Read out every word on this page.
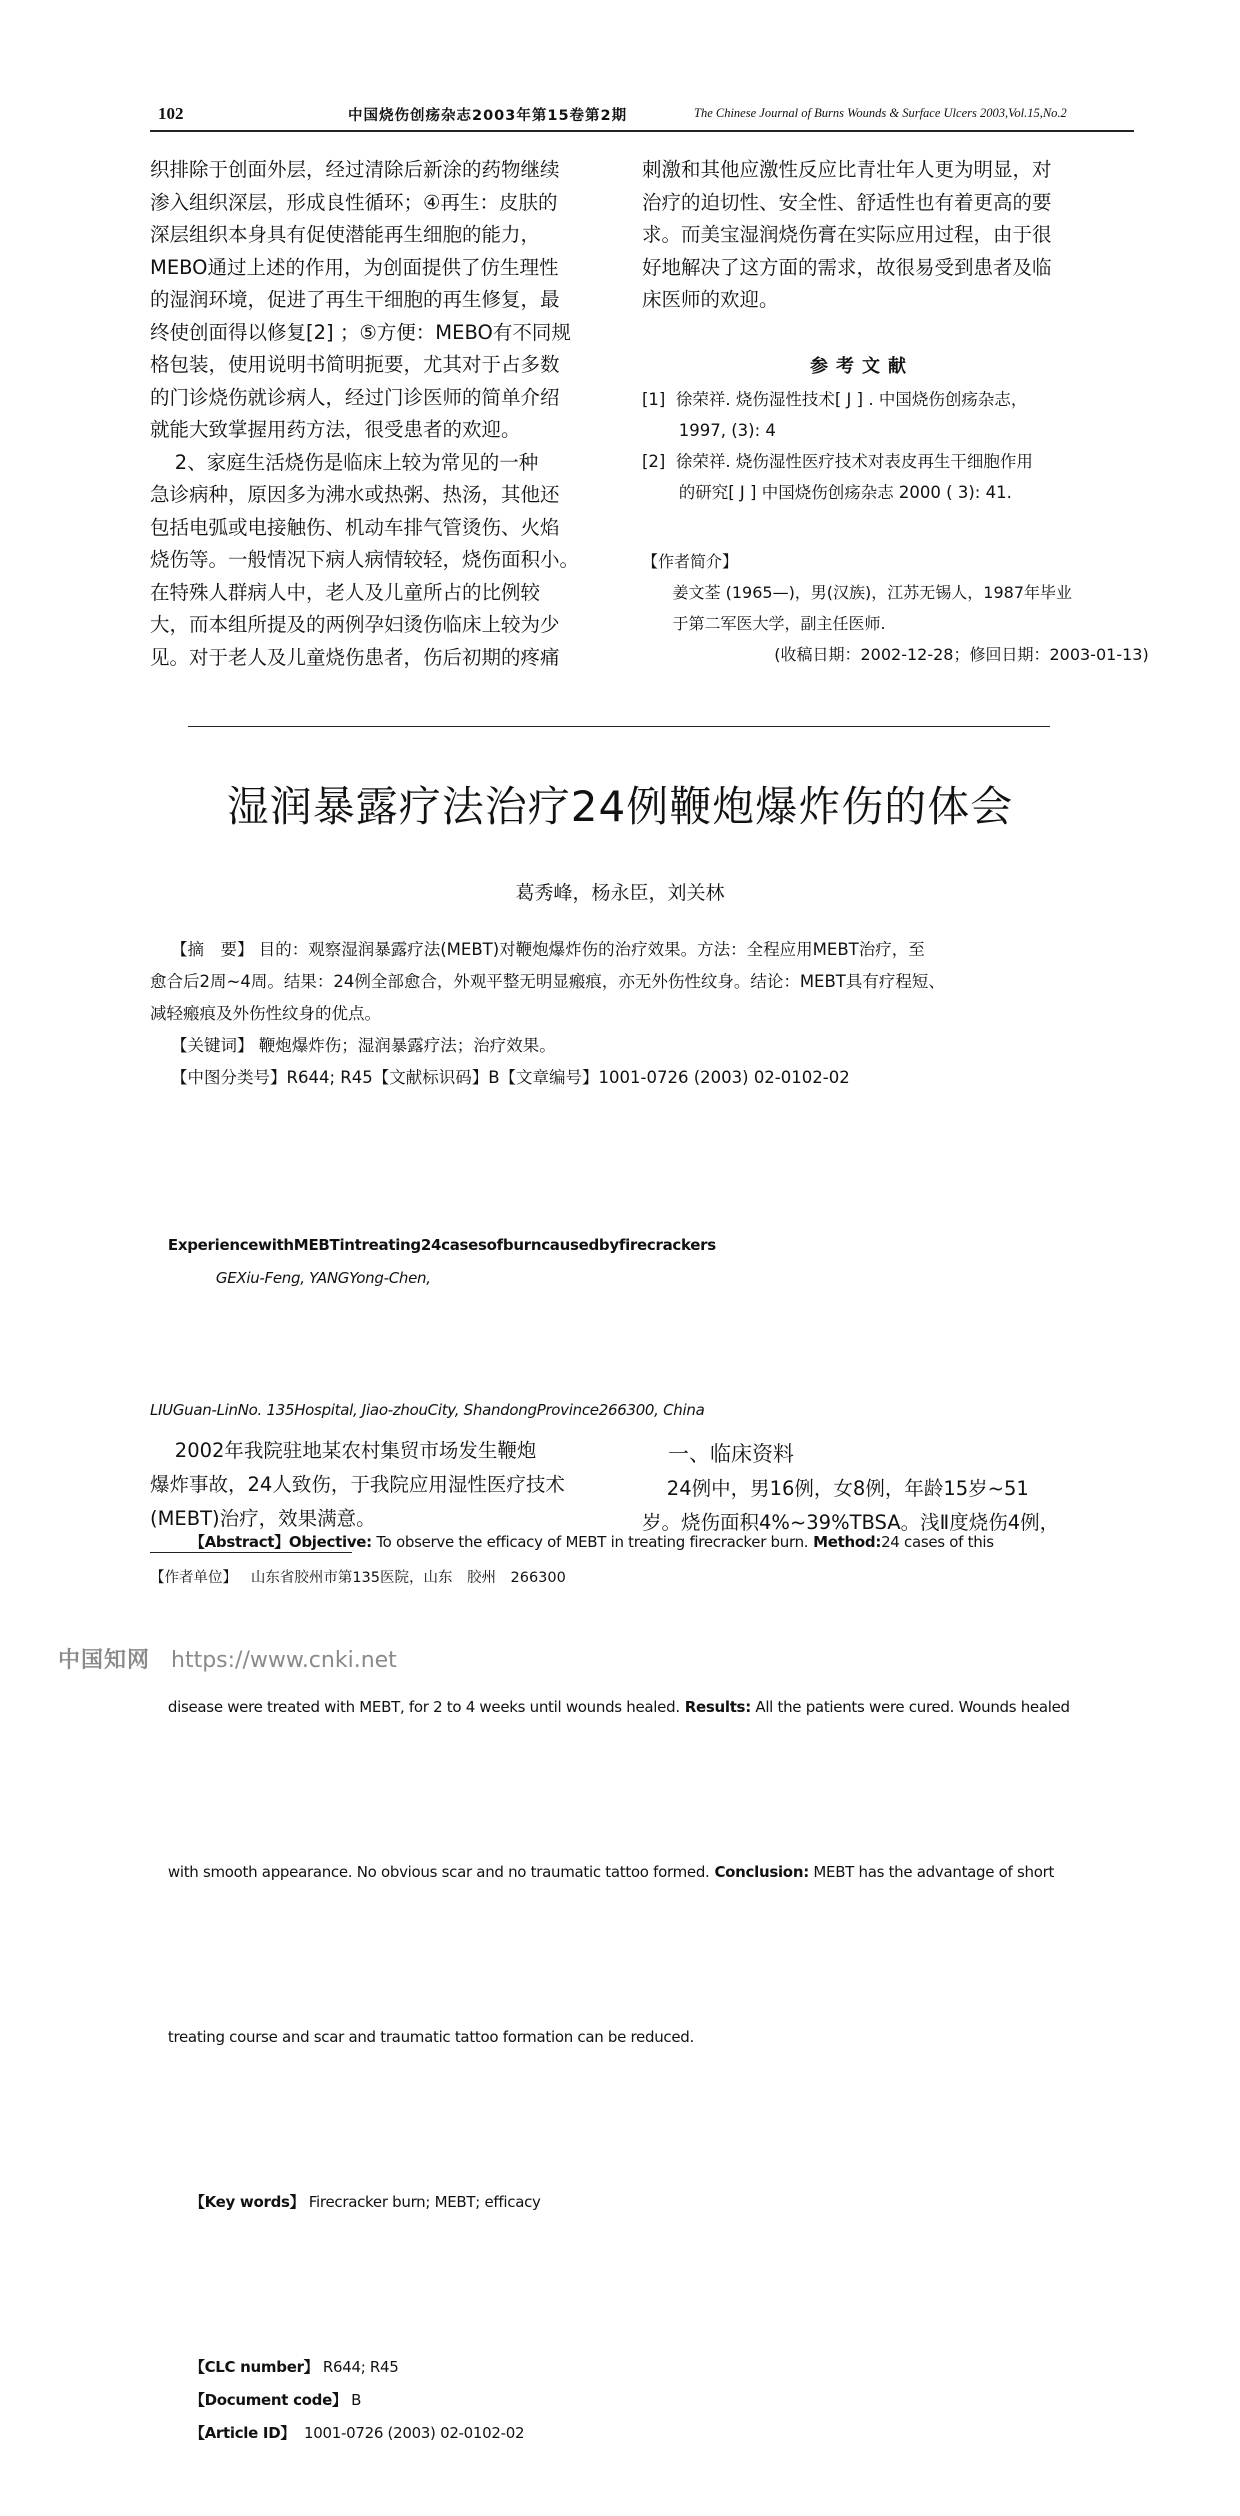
102	中国烧伤创疡杂志2003年第15卷第2期	The Chinese Journal of Burns Wounds & Surface Ulcers 2003,Vol.15,No.2
织排除于创面外层，经过清除后新涂的药物继续
渗入组织深层，形成良性循环；④再生：皮肤的
深层组织本身具有促使潜能再生细胞的能力，
MEBO通过上述的作用，为创面提供了仿生理性
的湿润环境，促进了再生干细胞的再生修复，最
终使创面得以修复[2] ；⑤方便：MEBO有不同规
格包装，使用说明书简明扼要，尤其对于占多数
的门诊烧伤就诊病人，经过门诊医师的简单介绍
就能大致掌握用药方法，很受患者的欢迎。
2、家庭生活烧伤是临床上较为常见的一种
急诊病种，原因多为沸水或热粥、热汤，其他还
包括电弧或电接触伤、机动车排气管烫伤、火焰
烧伤等。一般情况下病人病情较轻，烧伤面积小。
在特殊人群病人中，老人及儿童所占的比例较
大，而本组所提及的两例孕妇烫伤临床上较为少
见。对于老人及儿童烧伤患者，伤后初期的疼痛
刺激和其他应激性反应比青壮年人更为明显，对
治疗的迫切性、安全性、舒适性也有着更高的要
求。而美宝湿润烧伤膏在实际应用过程，由于很
好地解决了这方面的需求，故很易受到患者及临
床医师的欢迎。
参考文献
[1]  徐荣祥. 烧伤湿性技术[ J ] . 中国烧伤创疡杂志，
1997, (3): 4
[2]  徐荣祥. 烧伤湿性医疗技术对表皮再生干细胞作用
的研究[ J ] 中国烧伤创疡杂志 2000 ( 3): 41.
【作者简介】
姜文荃 (1965—)，男(汉族)，江苏无锡人，1987年毕业
于第二军医大学，副主任医师.
(收稿日期：2002-12-28；修回日期：2003-01-13)
湿润暴露疗法治疗24例鞭炮爆炸伤的体会
葛秀峰，杨永臣，刘关林
【摘　要】 目的：观察湿润暴露疗法(MEBT)对鞭炮爆炸伤的治疗效果。方法：全程应用MEBT治疗，至
愈合后2周~4周。结果：24例全部愈合，外观平整无明显瘢痕，亦无外伤性纹身。结论：MEBT具有疗程短、
减轻瘢痕及外伤性纹身的优点。
【关键词】 鞭炮爆炸伤；湿润暴露疗法；治疗效果。
【中图分类号】R644; R45【文献标识码】B【文章编号】1001-0726 (2003) 02-0102-02

ExperiencewithMEBTintreating24casesofburncausedbyfirecrackers
GEXiu-Feng, YANGYong-Chen,

LIUGuan-LinNo. 135Hospital, Jiao-zhouCity, ShandongProvince266300, China

【Abstract】Objective: To observe the efficacy of MEBT in treating firecracker burn. Method:24 cases of this

disease were treated with MEBT, for 2 to 4 weeks until wounds healed. Results: All the patients were cured. Wounds healed

with smooth appearance. No obvious scar and no traumatic tattoo formed. Conclusion: MEBT has the advantage of short

treating course and scar and traumatic tattoo formation can be reduced.

【Key words】 Firecracker burn; MEBT; efficacy

【CLC number】 R644; R45
【Document code】 B
【Article ID】  1001-0726 (2003) 02-0102-02

2002年我院驻地某农村集贸市场发生鞭炮
爆炸事故，24人致伤，于我院应用湿性医疗技术
(MEBT)治疗，效果满意。
一、临床资料
24例中，男16例，女8例，年龄15岁~51
岁。烧伤面积4%~39%TBSA。浅Ⅱ度烧伤4例，
【作者单位】   山东省胶州市第135医院，山东　胶州　266300

中国知网 https://www.cnki.net
